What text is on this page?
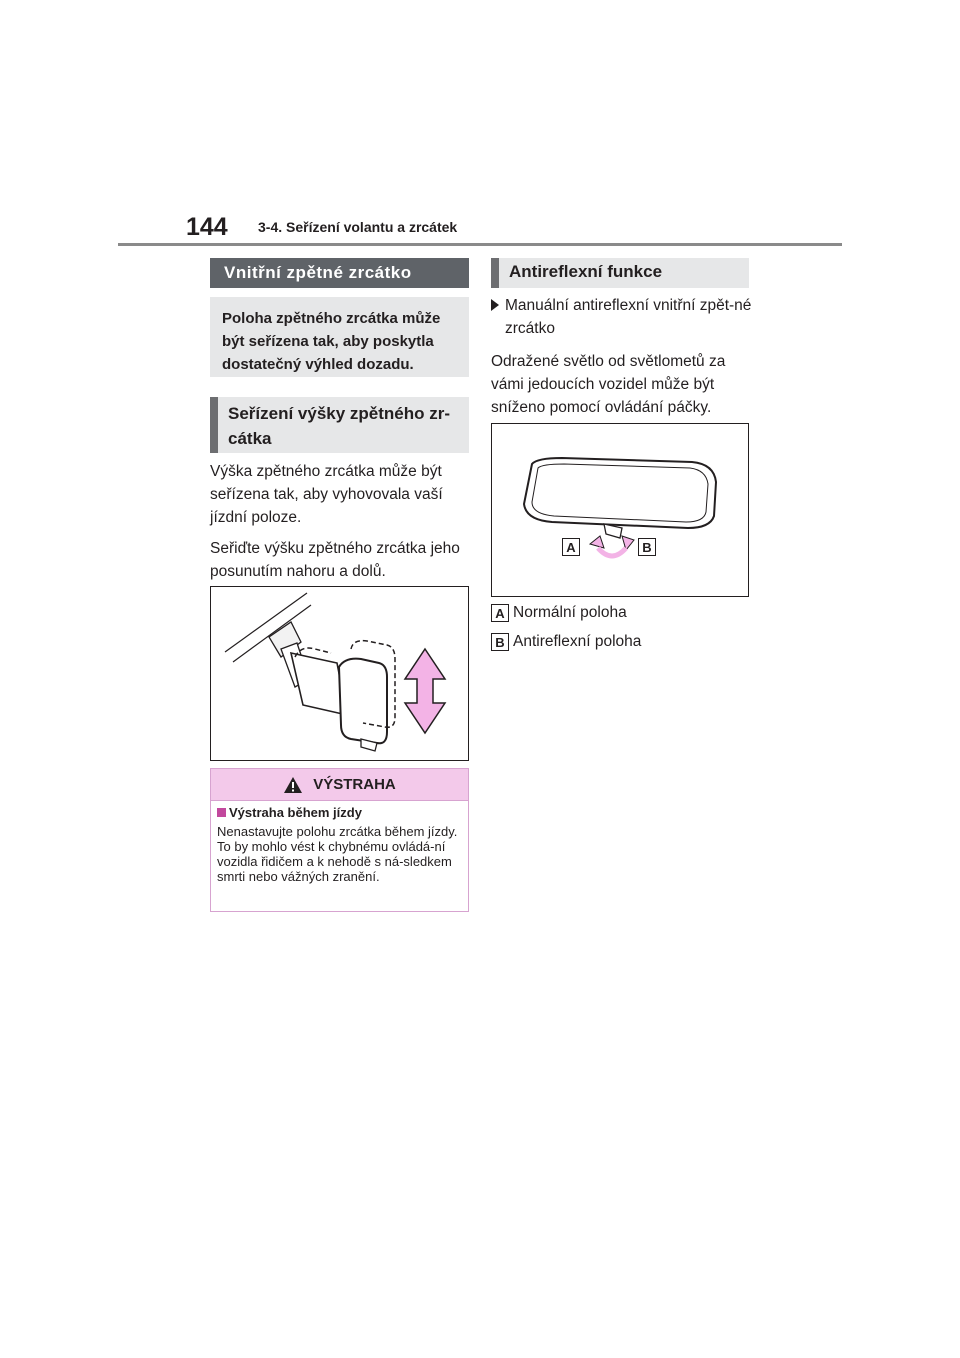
144 3-4. Seřízení volantu a zrcátek
Vnitřní zpětné zrcátko
Poloha zpětného zrcátka může být seřízena tak, aby poskytla dostatečný výhled dozadu.
Seřízení výšky zpětného zr-cátka

Výška zpětného zrcátka může být seřízena tak, aby vyhovovala vaší jízdní poloze.

Seřiďte výšku zpětného zrcátka jeho posunutím nahoru a dolů.

VÝSTRAHA
Výstraha během jízdy
Nenastavujte polohu zrcátka během jízdy.
To by mohlo vést k chybnému ovládá-ní vozidla řidičem a k nehodě s ná-sledkem smrti nebo vážných zranění.
Antireflexní funkce
Manuální antireflexní vnitřní zpět-né zrcátko

Odražené světlo od světlometů za vámi jedoucích vozidel může být sníženo pomocí ovládání páčky.

A	B
A Normální poloha
B Antireflexní poloha
